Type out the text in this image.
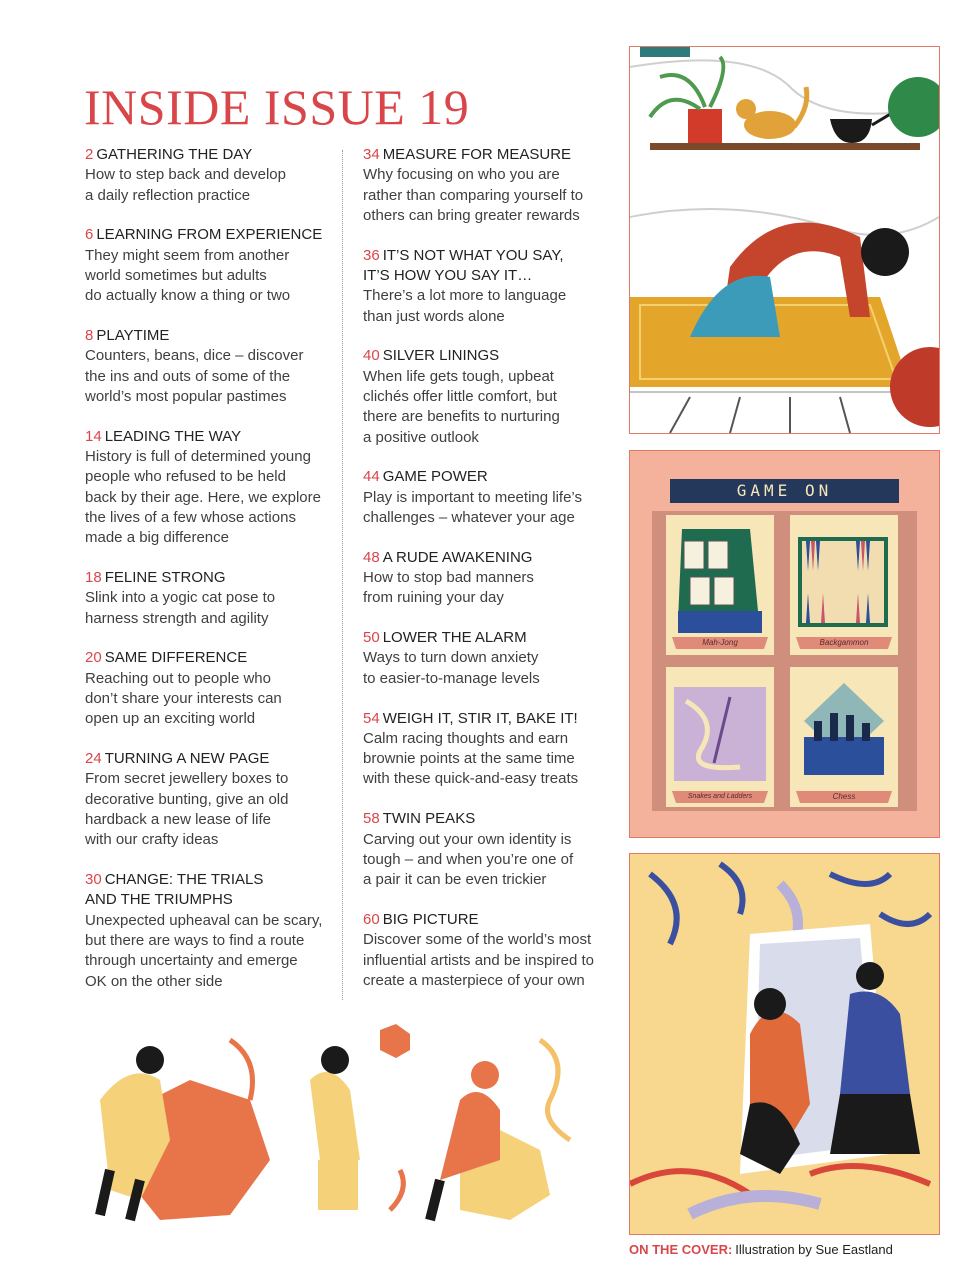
INSIDE ISSUE 19
2 GATHERING THE DAY
How to step back and develop
a daily reflection practice
6 LEARNING FROM EXPERIENCE
They might seem from another
world sometimes but adults
do actually know a thing or two
8 PLAYTIME
Counters, beans, dice – discover
the ins and outs of some of the
world’s most popular pastimes
14 LEADING THE WAY
History is full of determined young
people who refused to be held
back by their age. Here, we explore
the lives of a few whose actions
made a big difference
18 FELINE STRONG
Slink into a yogic cat pose to
harness strength and agility
20 SAME DIFFERENCE
Reaching out to people who
don’t share your interests can
open up an exciting world
24 TURNING A NEW PAGE
From secret jewellery boxes to
decorative bunting, give an old
hardback a new lease of life
with our crafty ideas
30 CHANGE: THE TRIALS
AND THE TRIUMPHS
Unexpected upheaval can be scary,
but there are ways to find a route
through uncertainty and emerge
OK on the other side
34 MEASURE FOR MEASURE
Why focusing on who you are
rather than comparing yourself to
others can bring greater rewards
36 IT’S NOT WHAT YOU SAY,
IT’S HOW YOU SAY IT…
There’s a lot more to language
than just words alone
40 SILVER LININGS
When life gets tough, upbeat
clichés offer little comfort, but
there are benefits to nurturing
a positive outlook
44 GAME POWER
Play is important to meeting life’s
challenges – whatever your age
48 A RUDE AWAKENING
How to stop bad manners
from ruining your day
50 LOWER THE ALARM
Ways to turn down anxiety
to easier-to-manage levels
54 WEIGH IT, STIR IT, BAKE IT!
Calm racing thoughts and earn
brownie points at the same time
with these quick-and-easy treats
58 TWIN PEAKS
Carving out your own identity is
tough – and when you’re one of
a pair it can be even trickier
60 BIG PICTURE
Discover some of the world’s most
influential artists and be inspired to
create a masterpiece of your own
GAME ON
Mah-Jong	Backgammon
Snakes and Ladders	Chess
ON THE COVER: Illustration by Sue Eastland
